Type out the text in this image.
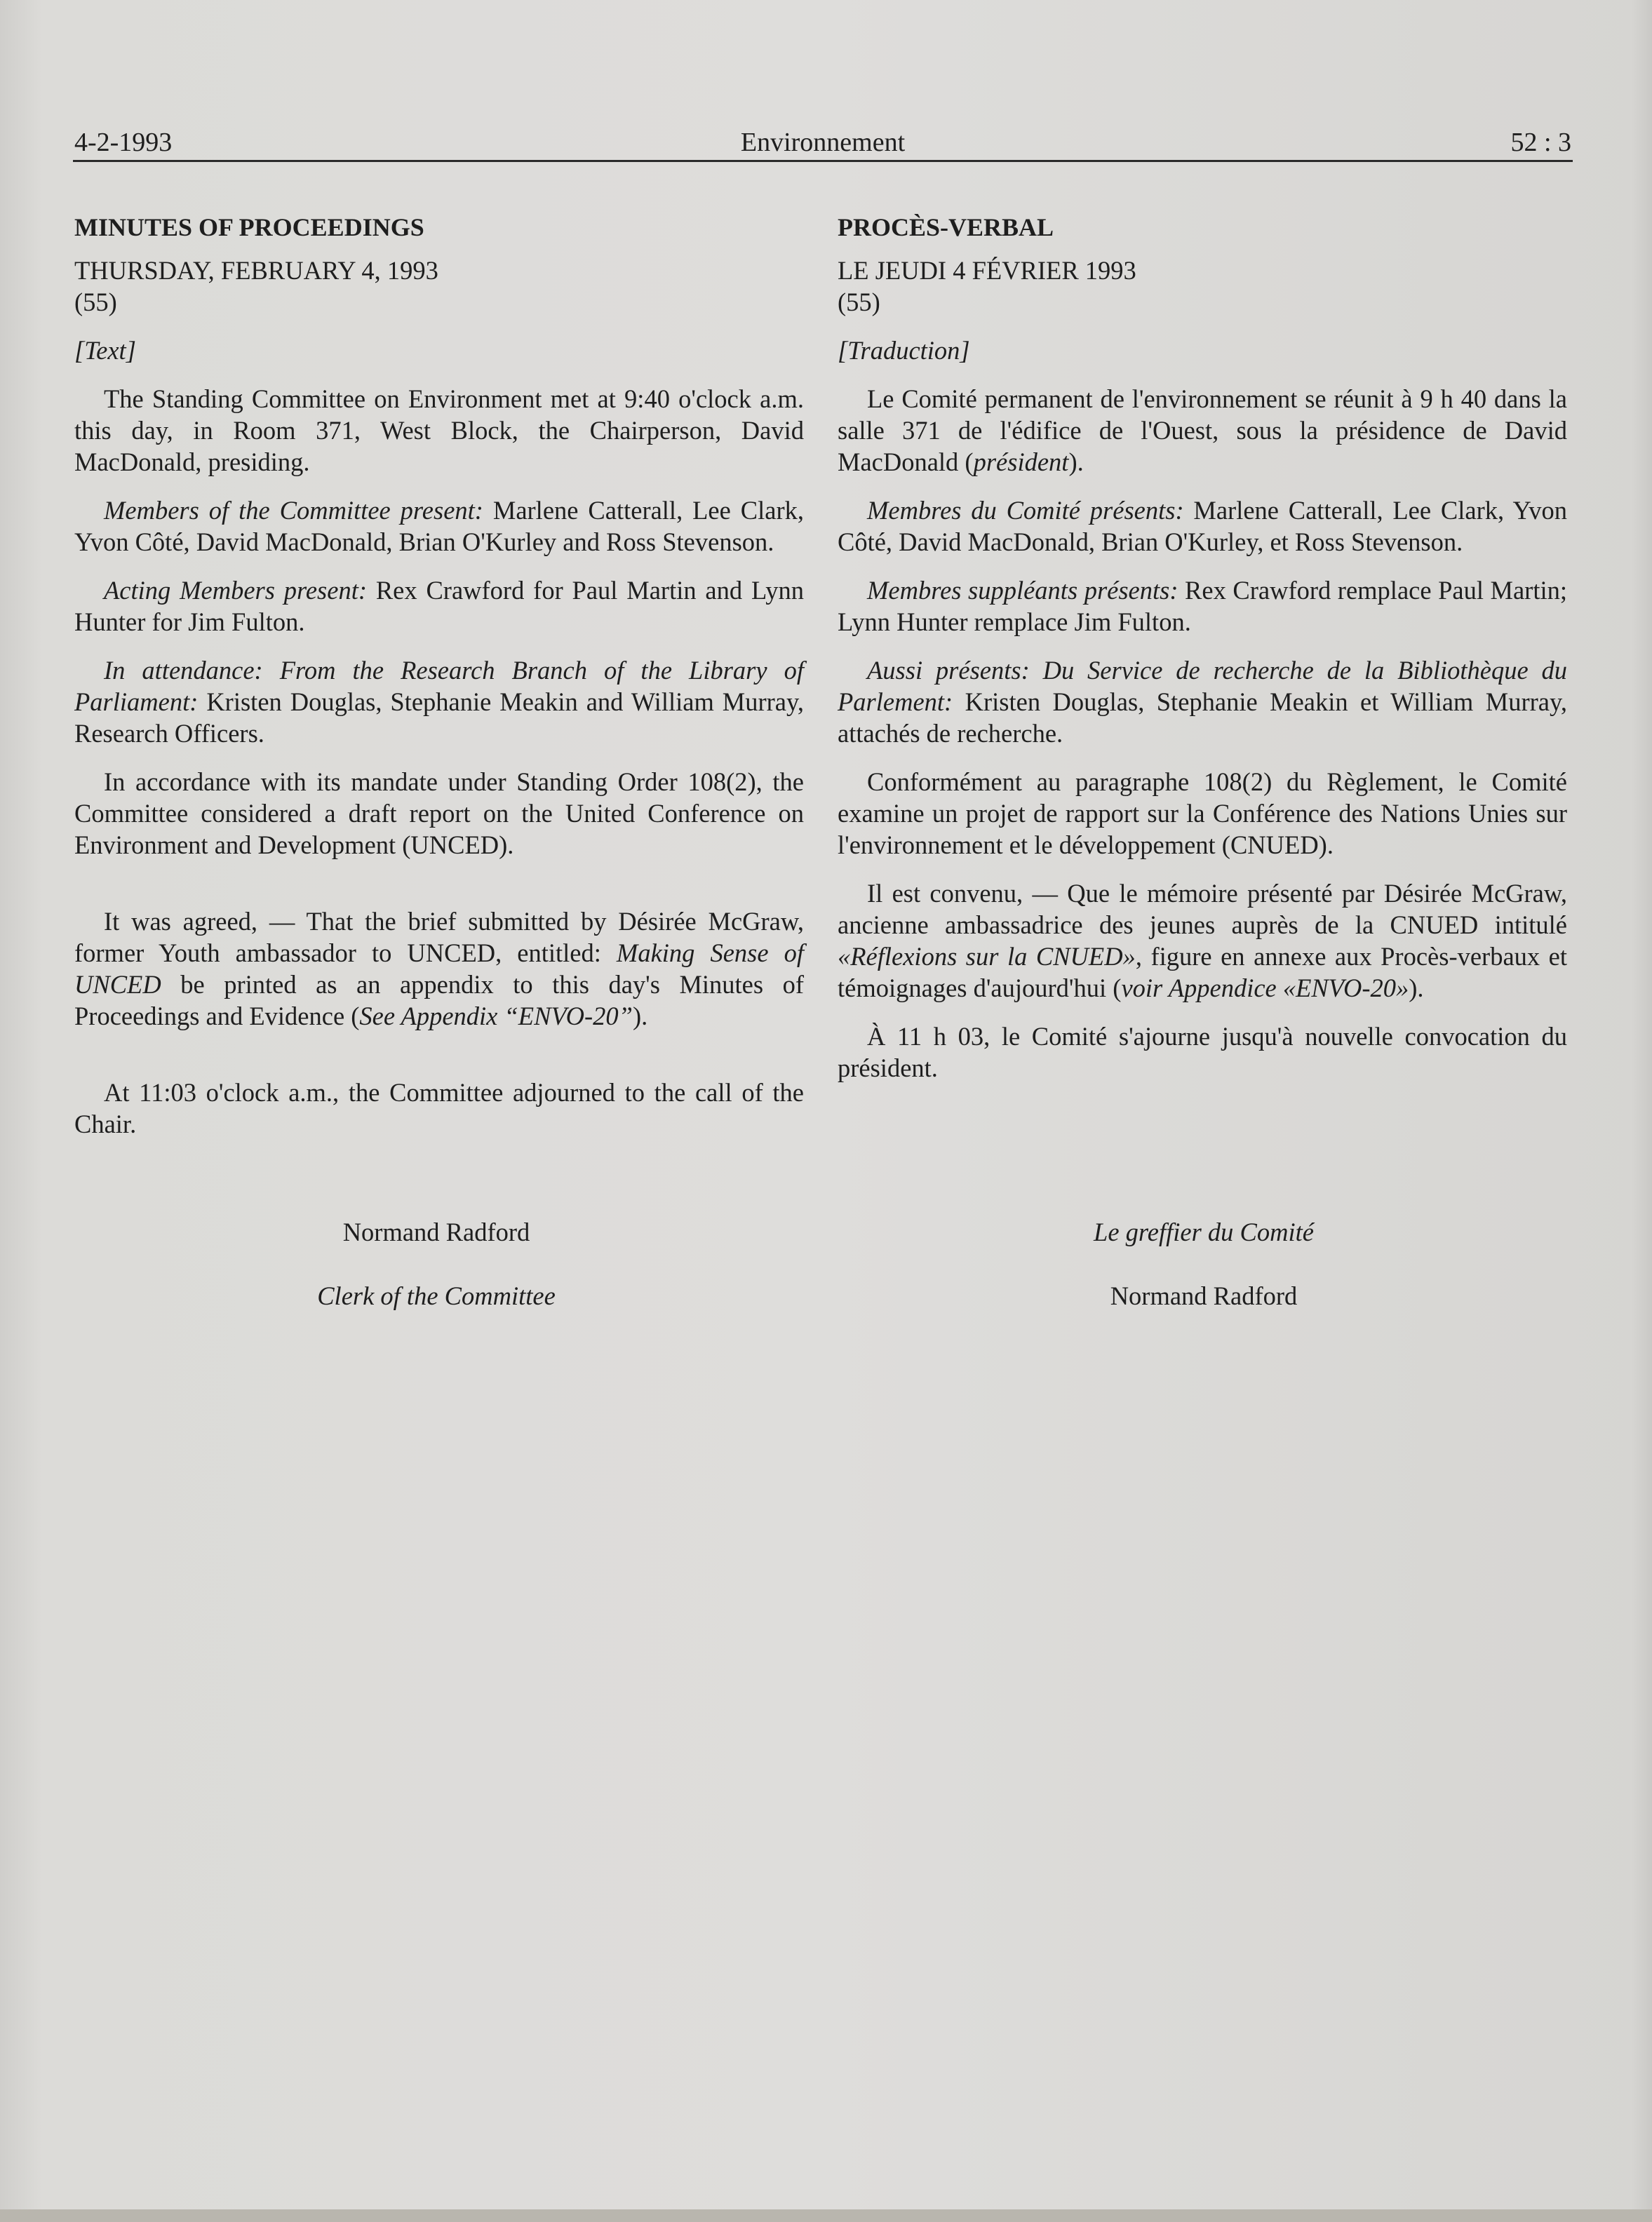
4-2-1993	Environnement	52 : 3

MINUTES OF PROCEEDINGS

THURSDAY, FEBRUARY 4, 1993

(55)

[Text]

The Standing Committee on Environment met at 9:40 o'clock a.m. this day, in Room 371, West Block, the Chairperson, David MacDonald, presiding.

Members of the Committee present: Marlene Catterall, Lee Clark, Yvon Côté, David MacDonald, Brian O'Kurley and Ross Stevenson.

Acting Members present: Rex Crawford for Paul Martin and Lynn Hunter for Jim Fulton.

In attendance: From the Research Branch of the Library of Parliament: Kristen Douglas, Stephanie Meakin and William Murray, Research Officers.

In accordance with its mandate under Standing Order 108(2), the Committee considered a draft report on the United Conference on Environment and Development (UNCED).

It was agreed, — That the brief submitted by Désirée McGraw, former Youth ambassador to UNCED, entitled: Making Sense of UNCED be printed as an appendix to this day's Minutes of Proceedings and Evidence (See Appendix “ENVO-20”).

At 11:03 o'clock a.m., the Committee adjourned to the call of the Chair.

PROCÈS-VERBAL

LE JEUDI 4 FÉVRIER 1993

(55)

[Traduction]

Le Comité permanent de l'environnement se réunit à 9 h 40 dans la salle 371 de l'édifice de l'Ouest, sous la présidence de David MacDonald (président).

Membres du Comité présents: Marlene Catterall, Lee Clark, Yvon Côté, David MacDonald, Brian O'Kurley, et Ross Stevenson.

Membres suppléants présents: Rex Crawford remplace Paul Martin; Lynn Hunter remplace Jim Fulton.

Aussi présents: Du Service de recherche de la Bibliothèque du Parlement: Kristen Douglas, Stephanie Meakin et William Murray, attachés de recherche.

Conformément au paragraphe 108(2) du Règlement, le Comité examine un projet de rapport sur la Conférence des Nations Unies sur l'environnement et le développement (CNUED).

Il est convenu, — Que le mémoire présenté par Désirée McGraw, ancienne ambassadrice des jeunes auprès de la CNUED intitulé «Réflexions sur la CNUED», figure en annexe aux Procès-verbaux et témoignages d'aujourd'hui (voir Appendice «ENVO-20»).

À 11 h 03, le Comité s'ajourne jusqu'à nouvelle convocation du président.

Normand Radford
Clerk of the Committee
Le greffier du Comité
Normand Radford
